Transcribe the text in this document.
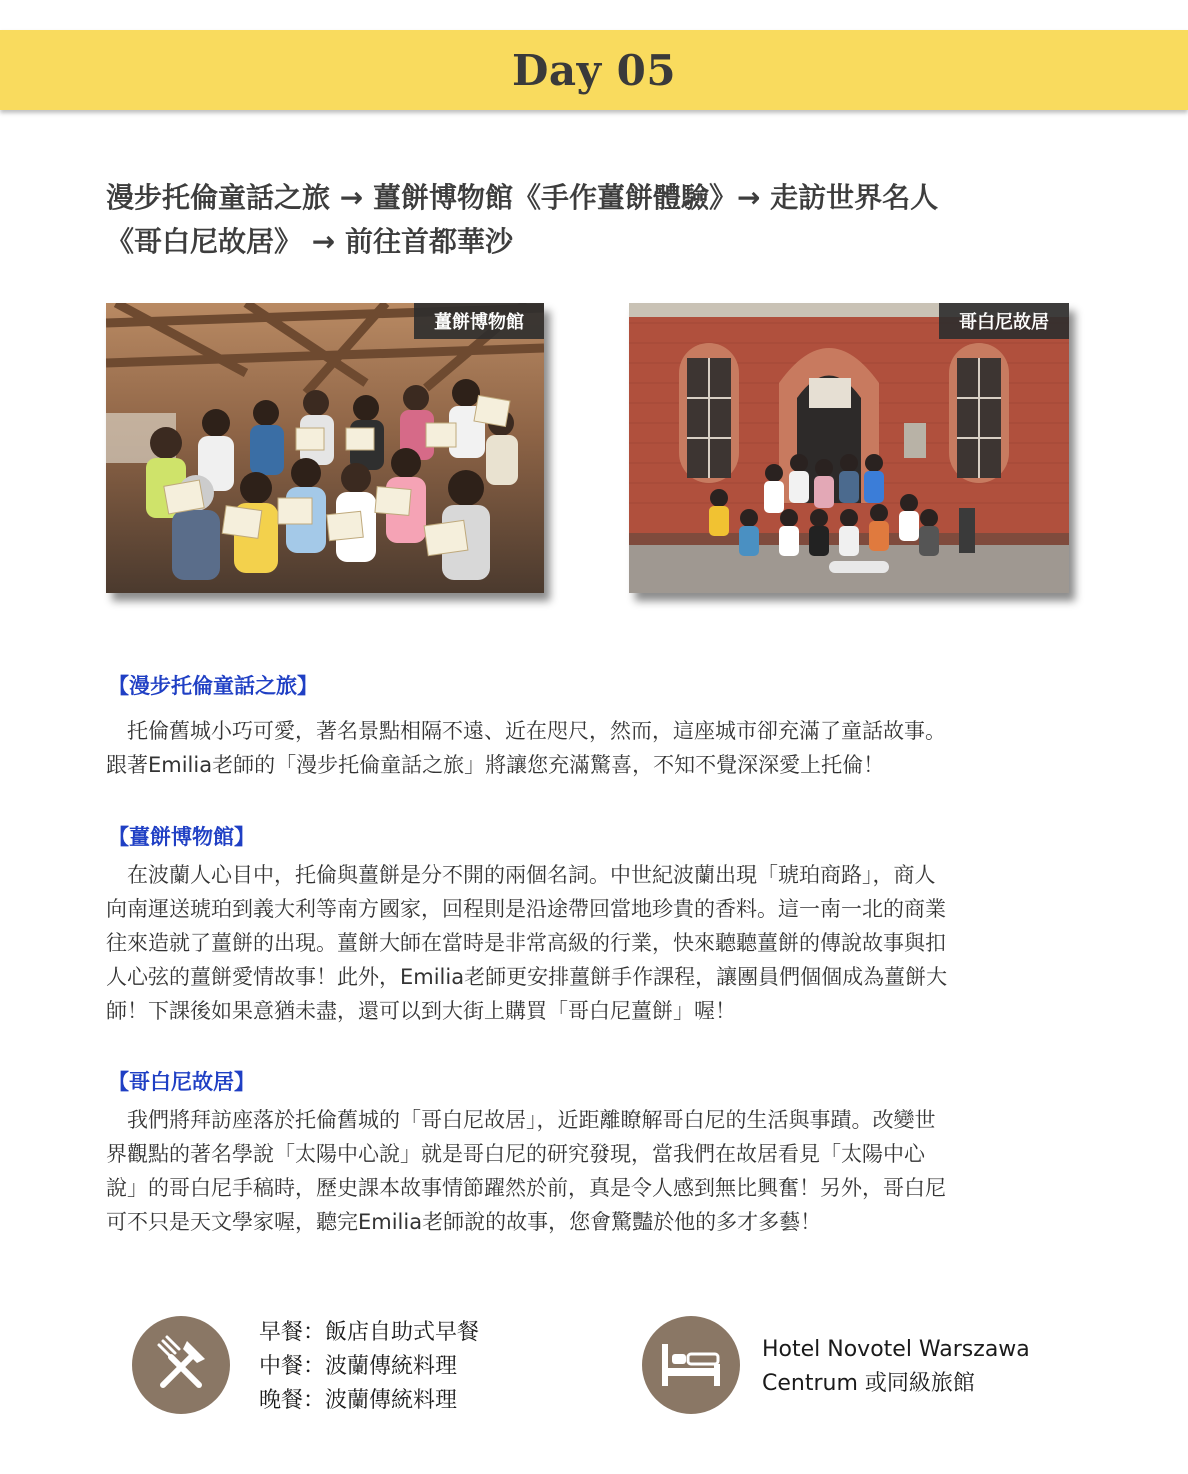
Day 05
漫步托倫童話之旅 → 薑餅博物館《手作薑餅體驗》→ 走訪世界名人
《哥白尼故居》 → 前往首都華沙
薑餅博物館	哥白尼故居
【漫步托倫童話之旅】
　托倫舊城小巧可愛，著名景點相隔不遠、近在咫尺，然而，這座城市卻充滿了童話故事。
跟著Emilia老師的「漫步托倫童話之旅」將讓您充滿驚喜，不知不覺深深愛上托倫！
【薑餅博物館】
　在波蘭人心目中，托倫與薑餅是分不開的兩個名詞。中世紀波蘭出現「琥珀商路」，商人
向南運送琥珀到義大利等南方國家，回程則是沿途帶回當地珍貴的香料。這一南一北的商業
往來造就了薑餅的出現。薑餅大師在當時是非常高級的行業，快來聽聽薑餅的傳說故事與扣
人心弦的薑餅愛情故事！此外，Emilia老師更安排薑餅手作課程，讓團員們個個成為薑餅大
師！下課後如果意猶未盡，還可以到大街上購買「哥白尼薑餅」喔！
【哥白尼故居】
　我們將拜訪座落於托倫舊城的「哥白尼故居」，近距離瞭解哥白尼的生活與事蹟。改變世
界觀點的著名學說「太陽中心說」就是哥白尼的研究發現，當我們在故居看見「太陽中心
說」的哥白尼手稿時，歷史課本故事情節躍然於前，真是令人感到無比興奮！另外，哥白尼
可不只是天文學家喔，聽完Emilia老師說的故事，您會驚豔於他的多才多藝！
早餐：飯店自助式早餐
中餐：波蘭傳統料理
晚餐：波蘭傳統料理
Hotel Novotel Warszawa
Centrum 或同級旅館
